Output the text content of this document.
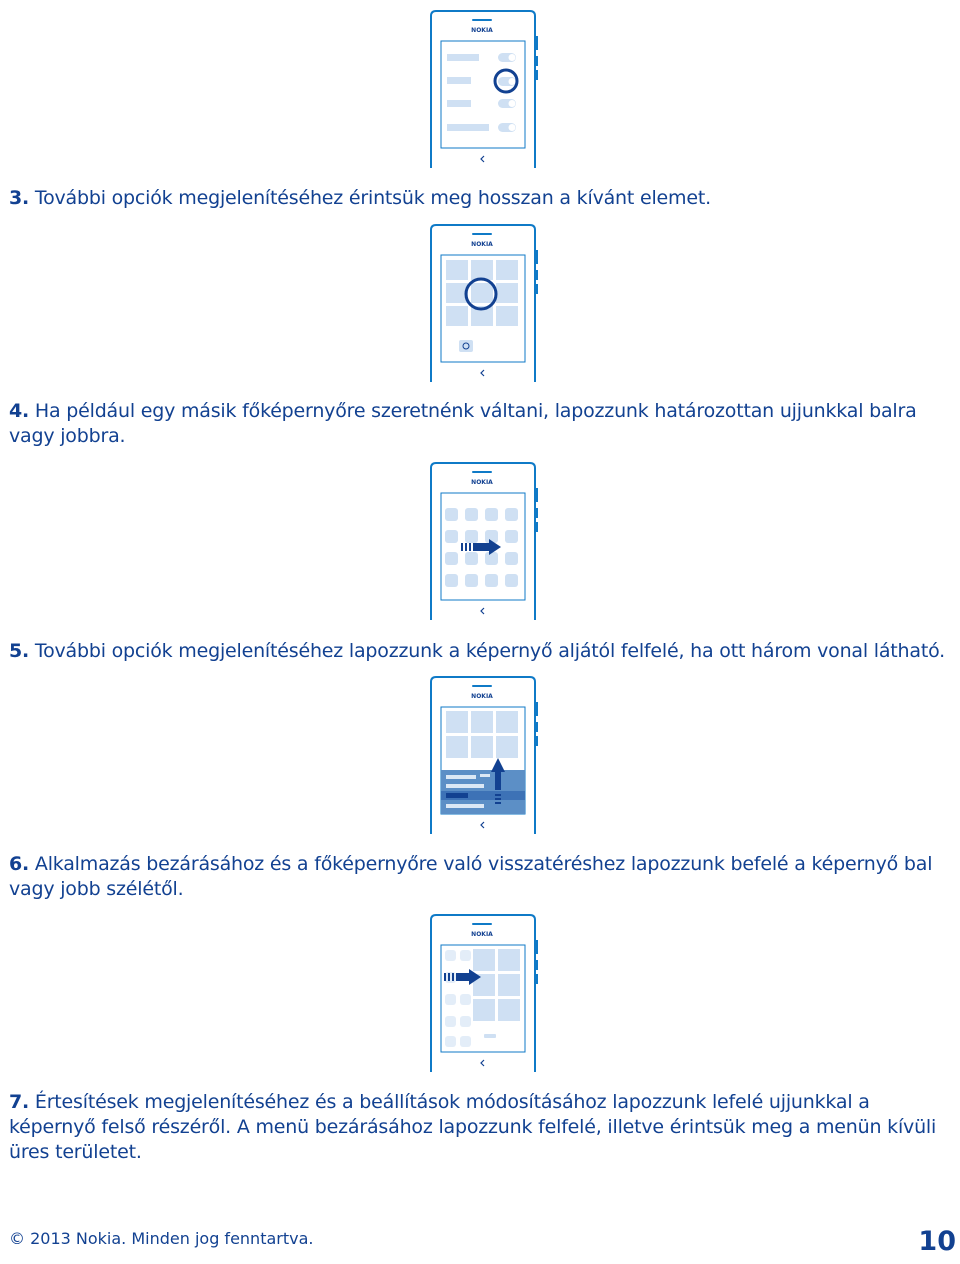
NOKIA
3. További opciók megjelenítéséhez érintsük meg hosszan a kívánt elemet.
NOKIA
4. Ha például egy másik főképernyőre szeretnénk váltani, lapozzunk határozottan ujjunkkal balra vagy jobbra.
NOKIA
5. További opciók megjelenítéséhez lapozzunk a képernyő aljától felfelé, ha ott három vonal látható.
NOKIA
6. Alkalmazás bezárásához és a főképernyőre való visszatéréshez lapozzunk befelé a képernyő bal vagy jobb szélétől.
NOKIA
7. Értesítések megjelenítéséhez és a beállítások módosításához lapozzunk lefelé ujjunkkal a képernyő felső részéről. A menü bezárásához lapozzunk felfelé, illetve érintsük meg a menün kívüli üres területet.
© 2013 Nokia. Minden jog fenntartva.	10
